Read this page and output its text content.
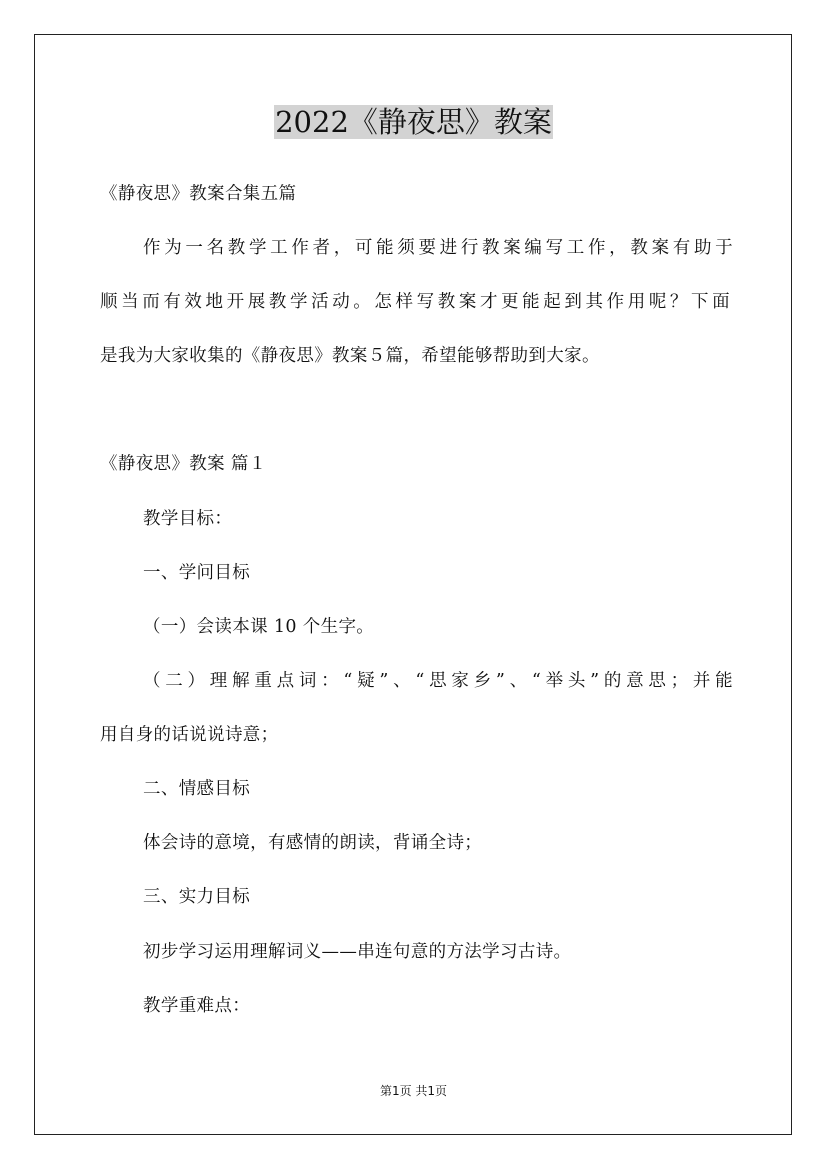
2022《静夜思》教案
《静夜思》教案合集五篇
作为一名教学工作者，可能须要进行教案编写工作，教案有助于
顺当而有效地开展教学活动。怎样写教案才更能起到其作用呢？下面
是我为大家收集的《静夜思》教案５篇，希望能够帮助到大家。
《静夜思》教案 篇１
教学目标：
一、学问目标
（一）会读本课 10 个生字。
（二）理解重点词：“疑”、“思家乡”、“举头”的意思；并能
用自身的话说说诗意；
二、情感目标
体会诗的意境，有感情的朗读，背诵全诗；
三、实力目标
初步学习运用理解词义——串连句意的方法学习古诗。
教学重难点：
第1页 共1页
